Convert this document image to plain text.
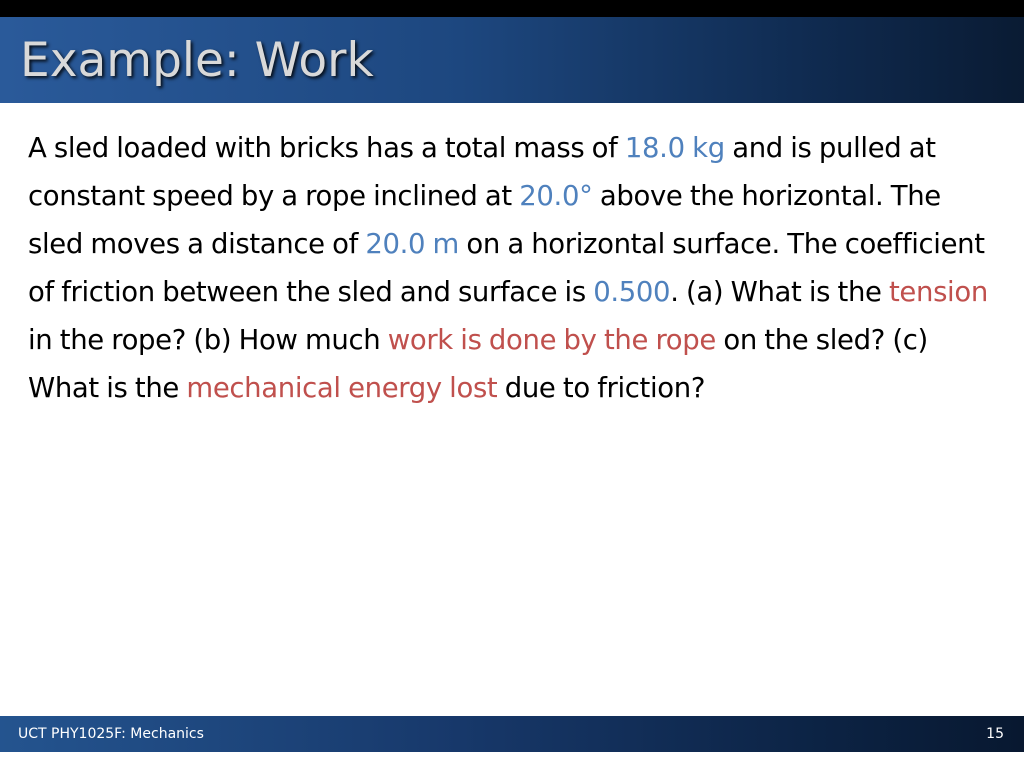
Example: Work

A sled loaded with bricks has a total mass of 18.0 kg and is pulled at constant speed by a rope inclined at 20.0° above the horizontal. The sled moves a distance of 20.0 m on a horizontal surface. The coefficient of friction between the sled and surface is 0.500. (a) What is the tension in the rope? (b) How much work is done by the rope on the sled? (c) What is the mechanical energy lost due to friction?

UCT PHY1025F: Mechanics	15
